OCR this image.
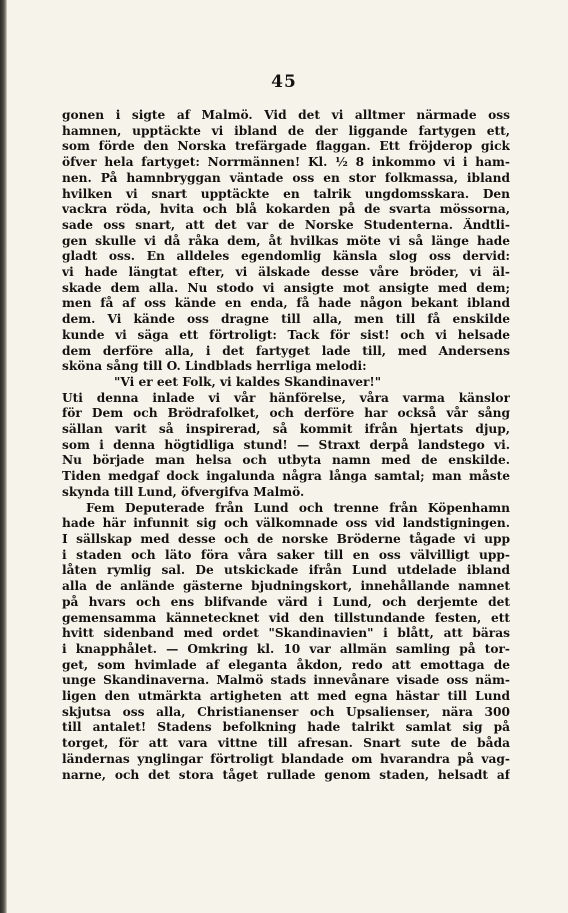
45
gonen i sigte af Malmö. Vid det vi alltmer närmade oss
hamnen, upptäckte vi ibland de der liggande fartygen ett,
som förde den Norska trefärgade flaggan. Ett fröjderop gick
öfver hela fartyget: Norrmännen! Kl. ½ 8 inkommo vi i ham-
nen. På hamnbryggan väntade oss en stor folkmassa, ibland
hvilken vi snart upptäckte en talrik ungdomsskara. Den
vackra röda, hvita och blå kokarden på de svarta mössorna,
sade oss snart, att det var de Norske Studenterna. Ändtli-
gen skulle vi då råka dem, åt hvilkas möte vi så länge hade
gladt oss. En alldeles egendomlig känsla slog oss dervid:
vi hade längtat efter, vi älskade desse våre bröder, vi äl-
skade dem alla. Nu stodo vi ansigte mot ansigte med dem;
men få af oss kände en enda, få hade någon bekant ibland
dem. Vi kände oss dragne till alla, men till få enskilde
kunde vi säga ett förtroligt: Tack för sist! och vi helsade
dem derföre alla, i det fartyget lade till, med Andersens
sköna sång till O. Lindblads herrliga melodi:
"Vi er eet Folk, vi kaldes Skandinaver!"
Uti denna inlade vi vår hänförelse, våra varma känslor
för Dem och Brödrafolket, och derföre har också vår sång
sällan varit så inspirerad, så kommit ifrån hjertats djup,
som i denna högtidliga stund! — Straxt derpå landstego vi.
Nu började man helsa och utbyta namn med de enskilde.
Tiden medgaf dock ingalunda några långa samtal; man måste
skynda till Lund, öfvergifva Malmö.
Fem Deputerade från Lund och trenne från Köpenhamn
hade här infunnit sig och välkomnade oss vid landstigningen.
I sällskap med desse och de norske Bröderne tågade vi upp
i staden och läto föra våra saker till en oss välvilligt upp-
låten rymlig sal. De utskickade ifrån Lund utdelade ibland
alla de anlände gästerne bjudningskort, innehållande namnet
på hvars och ens blifvande värd i Lund, och derjemte det
gemensamma kännetecknet vid den tillstundande festen, ett
hvitt sidenband med ordet "Skandinavien" i blått, att bäras
i knapphålet. — Omkring kl. 10 var allmän samling på tor-
get, som hvimlade af eleganta åkdon, redo att emottaga de
unge Skandinaverna. Malmö stads innevånare visade oss näm-
ligen den utmärkta artigheten att med egna hästar till Lund
skjutsa oss alla, Christianenser och Upsalienser, nära 300
till antalet! Stadens befolkning hade talrikt samlat sig på
torget, för att vara vittne till afresan. Snart sute de båda
ländernas ynglingar förtroligt blandade om hvarandra på vag-
narne, och det stora tåget rullade genom staden, helsadt af
